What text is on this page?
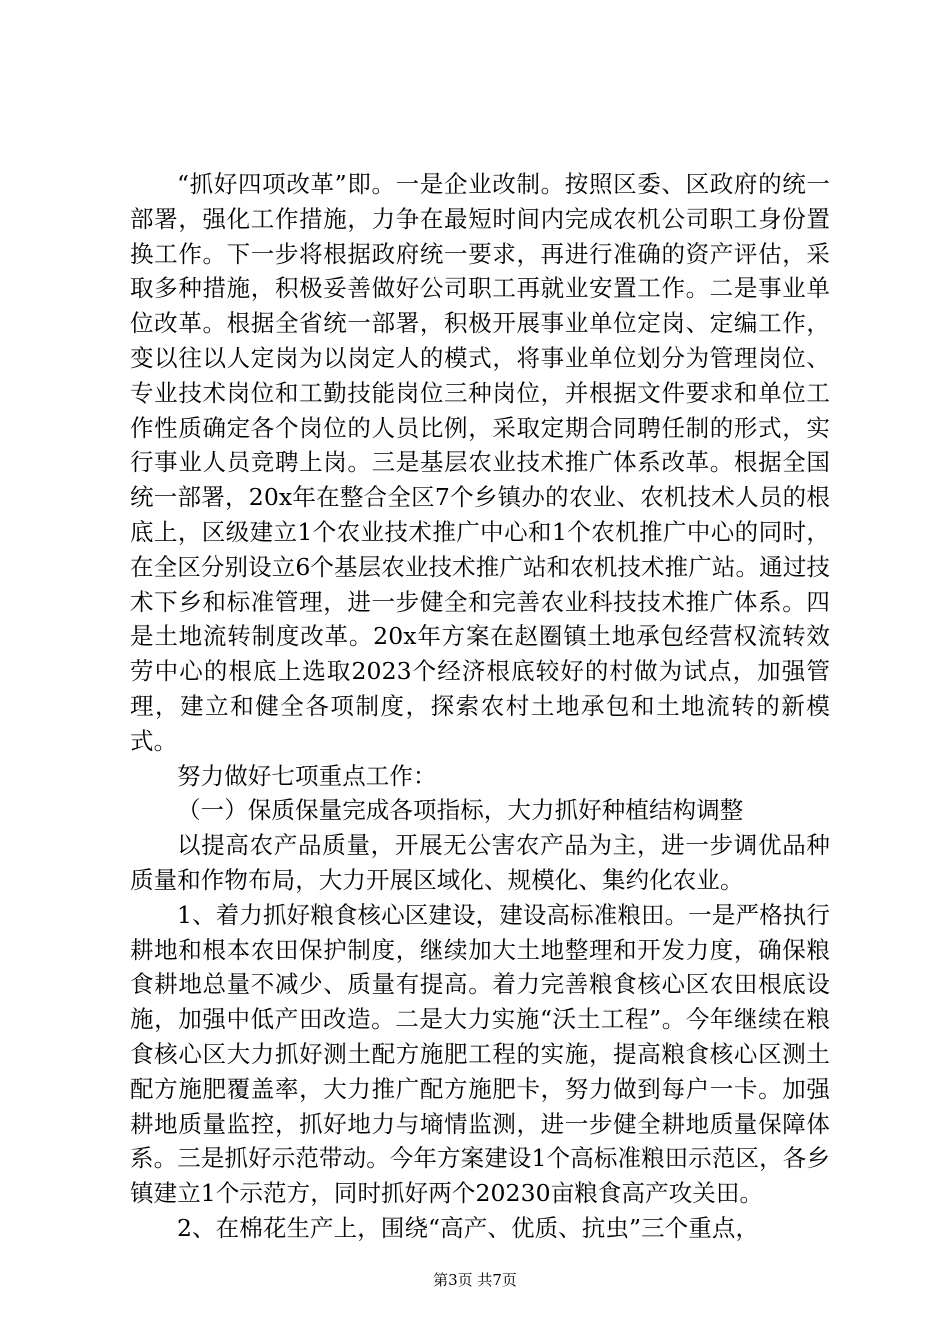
“抓好四项改革”即。一是企业改制。按照区委、区政府的统一部署，强化工作措施，力争在最短时间内完成农机公司职工身份置换工作。下一步将根据政府统一要求，再进行准确的资产评估，采取多种措施，积极妥善做好公司职工再就业安置工作。二是事业单位改革。根据全省统一部署，积极开展事业单位定岗、定编工作，变以往以人定岗为以岗定人的模式，将事业单位划分为管理岗位、专业技术岗位和工勤技能岗位三种岗位，并根据文件要求和单位工作性质确定各个岗位的人员比例，采取定期合同聘任制的形式，实行事业人员竞聘上岗。三是基层农业技术推广体系改革。根据全国统一部署，20x年在整合全区7个乡镇办的农业、农机技术人员的根底上，区级建立1个农业技术推广中心和1个农机推广中心的同时，在全区分别设立6个基层农业技术推广站和农机技术推广站。通过技术下乡和标准管理，进一步健全和完善农业科技技术推广体系。四是土地流转制度改革。20x年方案在赵圈镇土地承包经营权流转效劳中心的根底上选取2023个经济根底较好的村做为试点，加强管理，建立和健全各项制度，探索农村土地承包和土地流转的新模式。

努力做好七项重点工作：

（一）保质保量完成各项指标，大力抓好种植结构调整

以提高农产品质量，开展无公害农产品为主，进一步调优品种质量和作物布局，大力开展区域化、规模化、集约化农业。

1、着力抓好粮食核心区建设，建设高标准粮田。一是严格执行耕地和根本农田保护制度，继续加大土地整理和开发力度，确保粮食耕地总量不减少、质量有提高。着力完善粮食核心区农田根底设施，加强中低产田改造。二是大力实施“沃土工程”。今年继续在粮食核心区大力抓好测土配方施肥工程的实施，提高粮食核心区测土配方施肥覆盖率，大力推广配方施肥卡，努力做到每户一卡。加强耕地质量监控，抓好地力与墒情监测，进一步健全耕地质量保障体系。三是抓好示范带动。今年方案建设1个高标准粮田示范区，各乡镇建立1个示范方，同时抓好两个20230亩粮食高产攻关田。

2、在棉花生产上，围绕“高产、优质、抗虫”三个重点，

第3页 共7页
